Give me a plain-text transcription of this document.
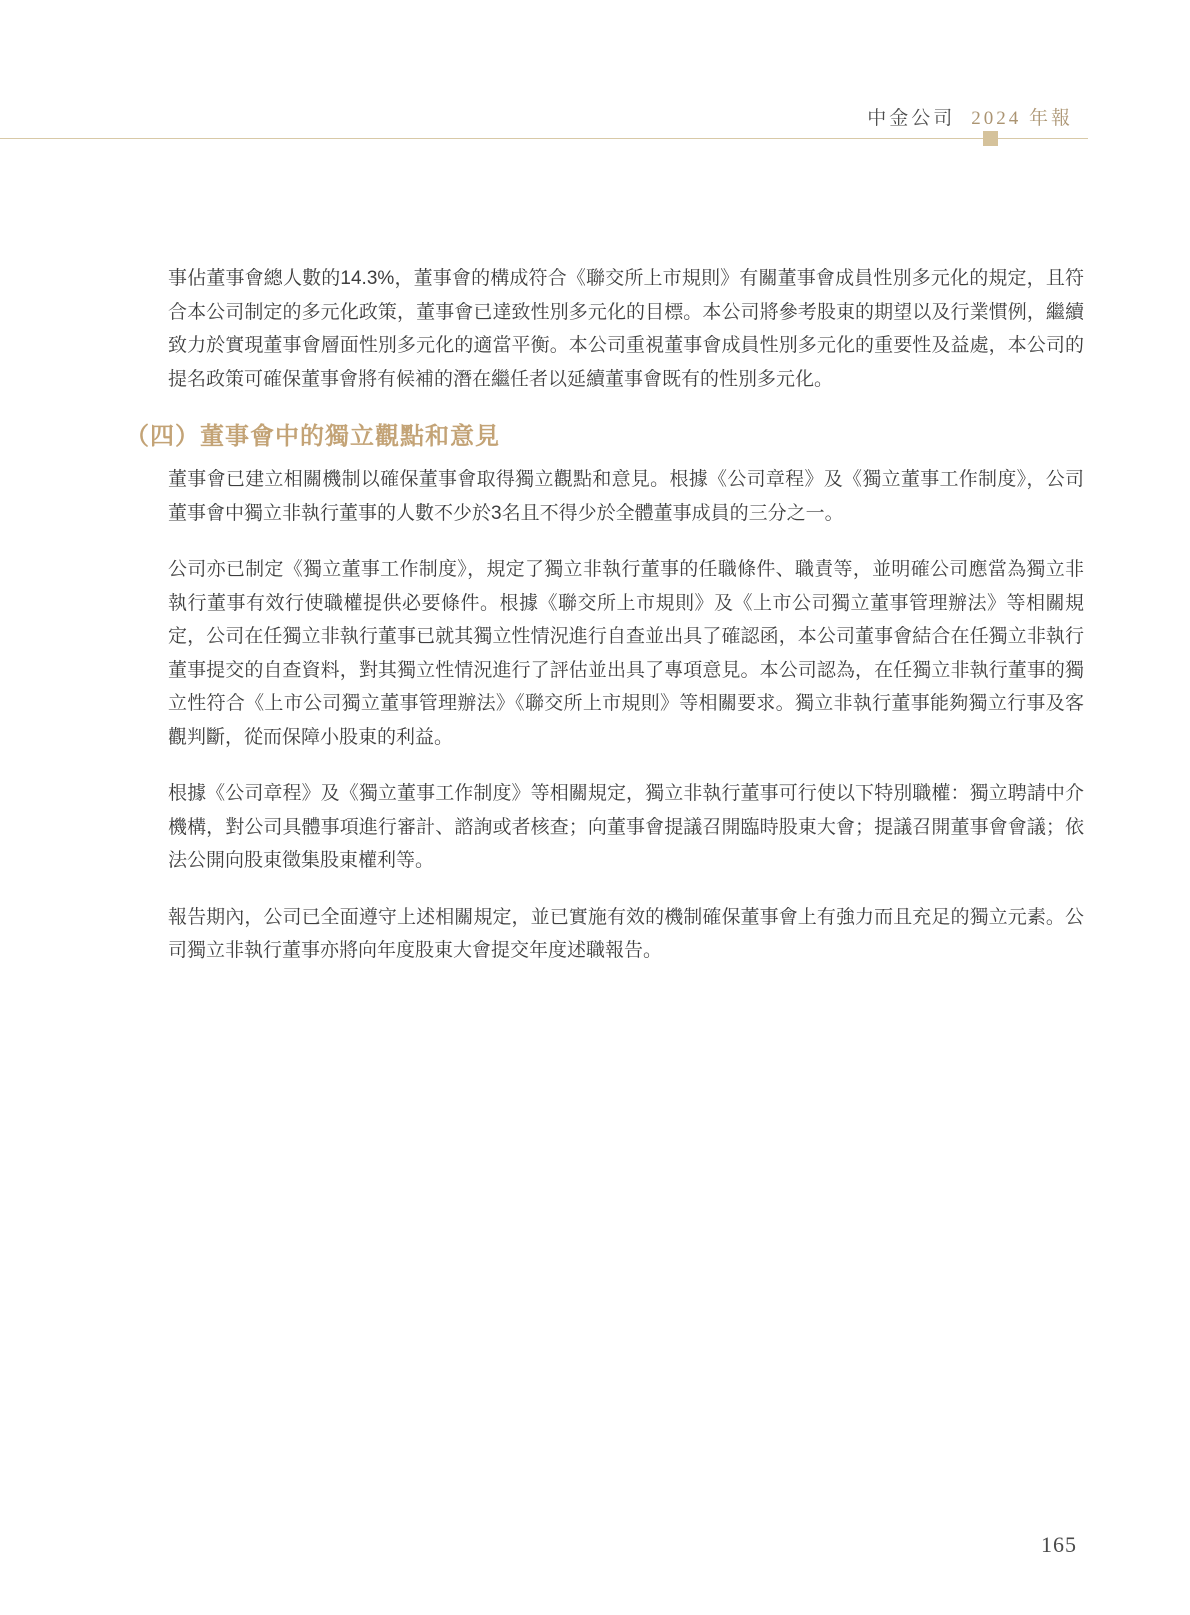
中金公司 2024 年報

事佔董事會總人數的14.3%，董事會的構成符合《聯交所上市規則》有關董事會成員性別多元化的規定，且符合本公司制定的多元化政策，董事會已達致性別多元化的目標。本公司將參考股東的期望以及行業慣例，繼續致力於實現董事會層面性別多元化的適當平衡。本公司重視董事會成員性別多元化的重要性及益處，本公司的提名政策可確保董事會將有候補的潛在繼任者以延續董事會既有的性別多元化。

（四）董事會中的獨立觀點和意見

董事會已建立相關機制以確保董事會取得獨立觀點和意見。根據《公司章程》及《獨立董事工作制度》，公司董事會中獨立非執行董事的人數不少於3名且不得少於全體董事成員的三分之一。

公司亦已制定《獨立董事工作制度》，規定了獨立非執行董事的任職條件、職責等，並明確公司應當為獨立非執行董事有效行使職權提供必要條件。根據《聯交所上市規則》及《上市公司獨立董事管理辦法》等相關規定，公司在任獨立非執行董事已就其獨立性情況進行自查並出具了確認函，本公司董事會結合在任獨立非執行董事提交的自查資料，對其獨立性情況進行了評估並出具了專項意見。本公司認為，在任獨立非執行董事的獨立性符合《上市公司獨立董事管理辦法》《聯交所上市規則》等相關要求。獨立非執行董事能夠獨立行事及客觀判斷，從而保障小股東的利益。

根據《公司章程》及《獨立董事工作制度》等相關規定，獨立非執行董事可行使以下特別職權：獨立聘請中介機構，對公司具體事項進行審計、諮詢或者核查；向董事會提議召開臨時股東大會；提議召開董事會會議；依法公開向股東徵集股東權利等。

報告期內，公司已全面遵守上述相關規定，並已實施有效的機制確保董事會上有強力而且充足的獨立元素。公司獨立非執行董事亦將向年度股東大會提交年度述職報告。

165
